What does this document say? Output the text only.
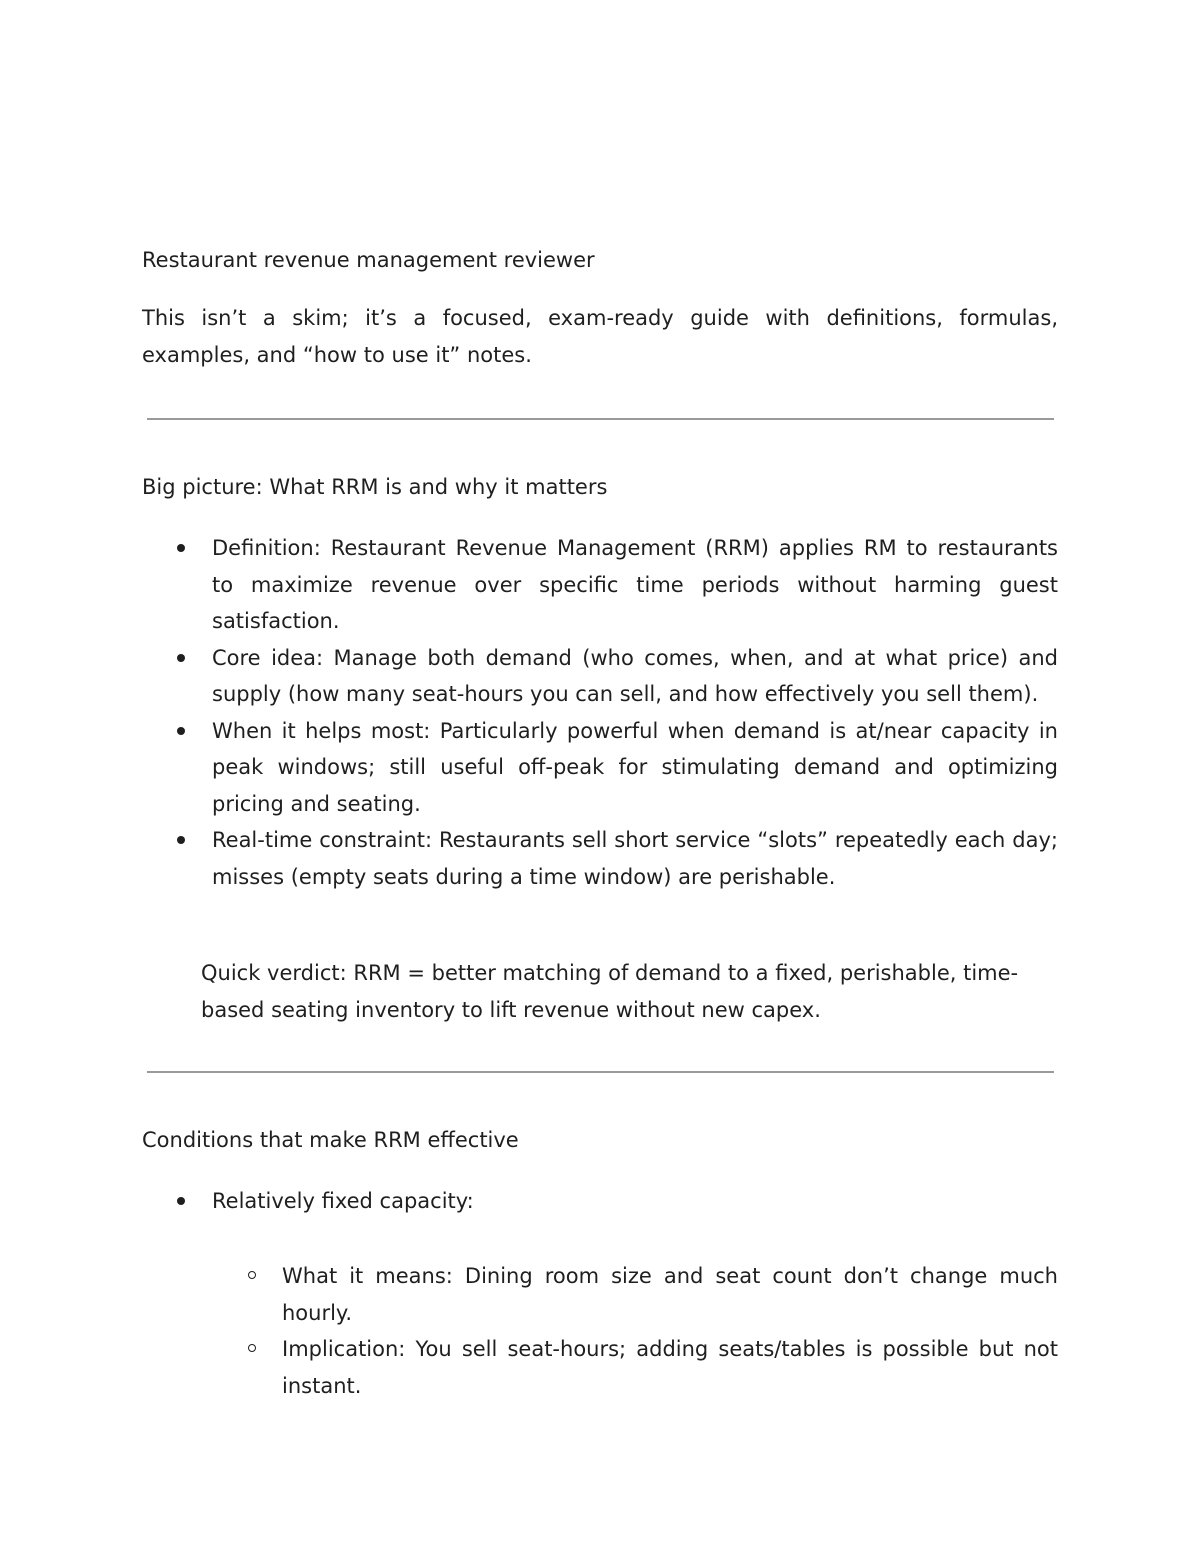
Restaurant revenue management reviewer
This isn’t a skim; it’s a focused, exam-ready guide with definitions, formulas, examples, and “how to use it” notes.
Big picture: What RRM is and why it matters
Definition: Restaurant Revenue Management (RRM) applies RM to restaurants to maximize revenue over specific time periods without harming guest satisfaction.
Core idea: Manage both demand (who comes, when, and at what price) and supply (how many seat-hours you can sell, and how effectively you sell them).
When it helps most: Particularly powerful when demand is at/near capacity in peak windows; still useful off-peak for stimulating demand and optimizing pricing and seating.
Real-time constraint: Restaurants sell short service “slots” repeatedly each day; misses (empty seats during a time window) are perishable.
Quick verdict: RRM = better matching of demand to a fixed, perishable, time-based seating inventory to lift revenue without new capex.
Conditions that make RRM effective
Relatively fixed capacity:
What it means: Dining room size and seat count don’t change much hourly.
Implication: You sell seat-hours; adding seats/tables is possible but not instant.
